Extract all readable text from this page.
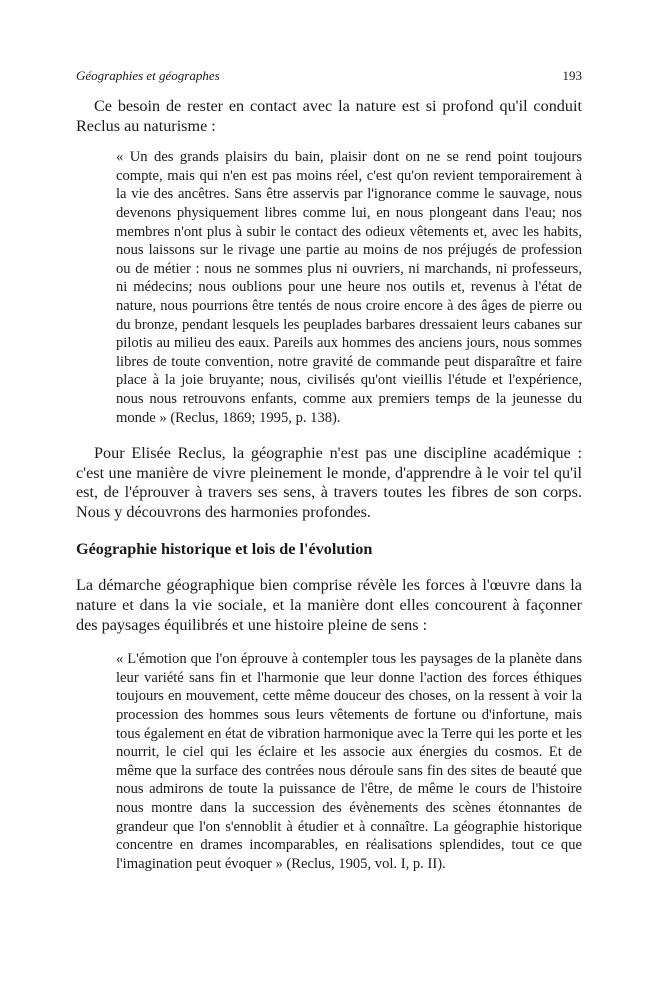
Géographies et géographes	193

Ce besoin de rester en contact avec la nature est si profond qu'il conduit Reclus au naturisme :

« Un des grands plaisirs du bain, plaisir dont on ne se rend point toujours compte, mais qui n'en est pas moins réel, c'est qu'on revient temporairement à la vie des ancêtres. Sans être asservis par l'ignorance comme le sauvage, nous devenons physiquement libres comme lui, en nous plongeant dans l'eau; nos membres n'ont plus à subir le contact des odieux vêtements et, avec les habits, nous laissons sur le rivage une partie au moins de nos préjugés de profession ou de métier : nous ne sommes plus ni ouvriers, ni marchands, ni professeurs, ni médecins; nous oublions pour une heure nos outils et, revenus à l'état de nature, nous pourrions être tentés de nous croire encore à des âges de pierre ou du bronze, pendant lesquels les peuplades barbares dressaient leurs cabanes sur pilotis au milieu des eaux. Pareils aux hommes des anciens jours, nous sommes libres de toute convention, notre gravité de commande peut disparaître et faire place à la joie bruyante; nous, civilisés qu'ont vieillis l'étude et l'expérience, nous nous retrouvons enfants, comme aux premiers temps de la jeunesse du monde » (Reclus, 1869; 1995, p. 138).

Pour Elisée Reclus, la géographie n'est pas une discipline académique : c'est une manière de vivre pleinement le monde, d'apprendre à le voir tel qu'il est, de l'éprouver à travers ses sens, à travers toutes les fibres de son corps. Nous y découvrons des harmonies profondes.

Géographie historique et lois de l'évolution

La démarche géographique bien comprise révèle les forces à l'œuvre dans la nature et dans la vie sociale, et la manière dont elles concourent à façonner des paysages équilibrés et une histoire pleine de sens :

« L'émotion que l'on éprouve à contempler tous les paysages de la planète dans leur variété sans fin et l'harmonie que leur donne l'action des forces éthiques toujours en mouvement, cette même douceur des choses, on la ressent à voir la procession des hommes sous leurs vêtements de fortune ou d'infortune, mais tous également en état de vibration harmonique avec la Terre qui les porte et les nourrit, le ciel qui les éclaire et les associe aux énergies du cosmos. Et de même que la surface des contrées nous déroule sans fin des sites de beauté que nous admirons de toute la puissance de l'être, de même le cours de l'histoire nous montre dans la succession des évènements des scènes étonnantes de grandeur que l'on s'ennoblit à étudier et à connaître. La géographie historique concentre en drames incomparables, en réalisations splendides, tout ce que l'imagination peut évoquer » (Reclus, 1905, vol. I, p. II).
